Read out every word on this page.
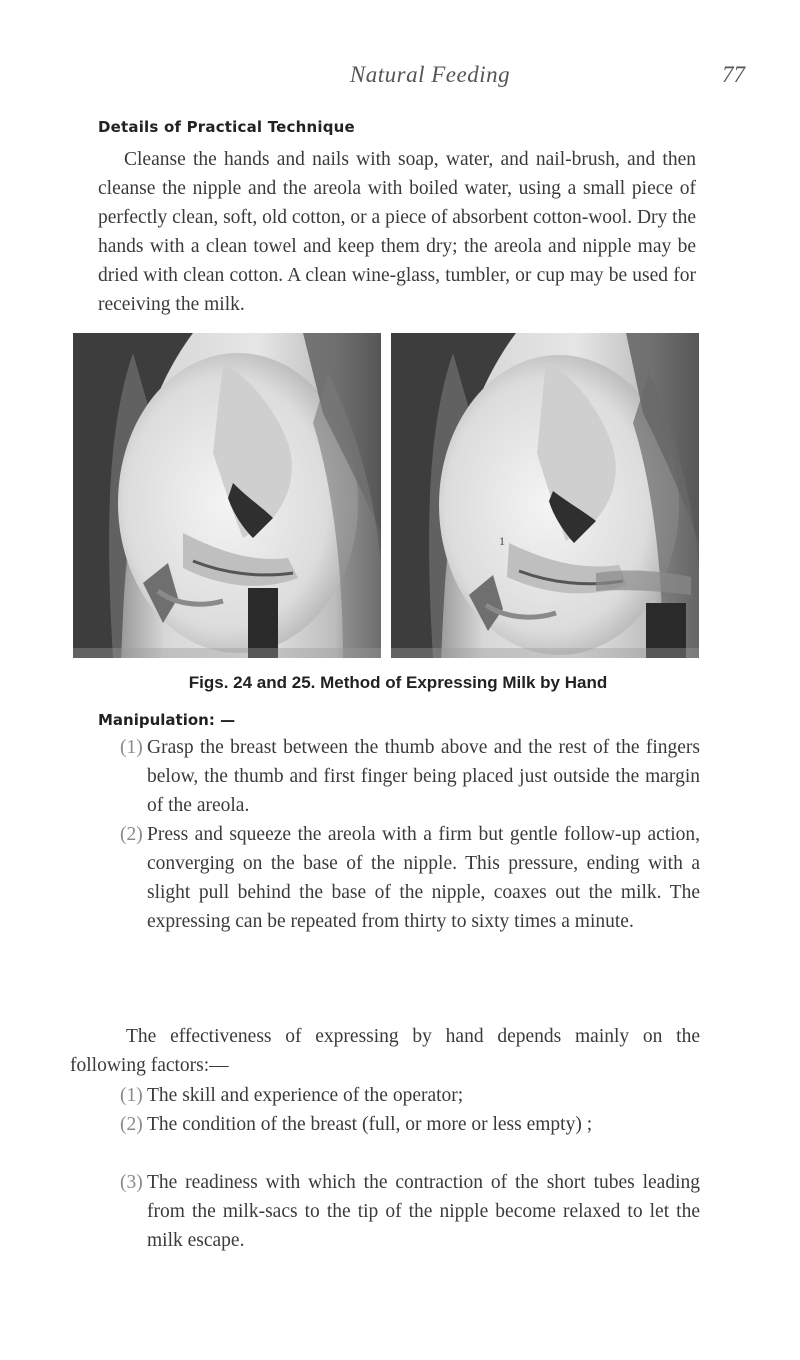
Natural Feeding	77
Details of Practical Technique

Cleanse the hands and nails with soap, water, and nail-brush, and then cleanse the nipple and the areola with boiled water, using a small piece of perfectly clean, soft, old cotton, or a piece of absorbent cotton-wool. Dry the hands with a clean towel and keep them dry; the areola and nipple may be dried with clean cotton. A clean wine-glass, tumbler, or cup may be used for receiving the milk.

1
Figs. 24 and 25. Method of Expressing Milk by Hand
Manipulation: —
(1) Grasp the breast between the thumb above and the rest of the fingers below, the thumb and first finger being placed just outside the margin of the areola.
(2) Press and squeeze the areola with a firm but gentle follow-up action, converging on the base of the nipple. This pressure, ending with a slight pull behind the base of the nipple, coaxes out the milk. The expressing can be repeated from thirty to sixty times a minute.

The effectiveness of expressing by hand depends mainly on the following factors:—

(1) The skill and experience of the operator;
(2) The condition of the breast (full, or more or less empty) ;
(3) The readiness with which the contraction of the short tubes leading from the milk-sacs to the tip of the nipple become relaxed to let the milk escape.
